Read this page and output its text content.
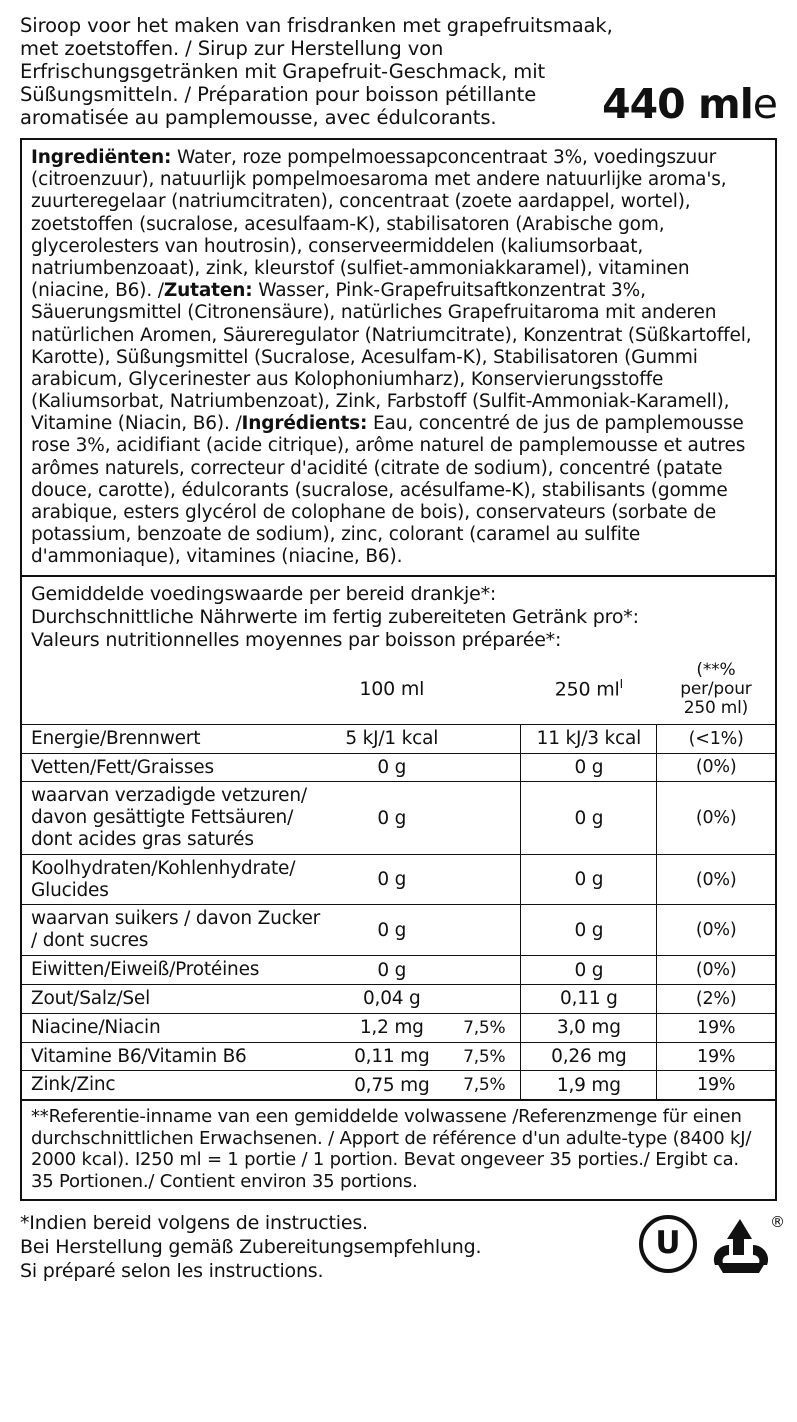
Siroop voor het maken van frisdranken met grapefruitsmaak, met zoetstoffen. / Sirup zur Herstellung von Erfrischungsgetränken mit Grapefruit-Geschmack, mit Süßungsmitteln. / Préparation pour boisson pétillante aromatisée au pamplemousse, avec édulcorants.	440 mle
Ingrediënten: Water, roze pompelmoessapconcentraat 3%, voedingszuur (citroenzuur), natuurlijk pompelmoesaroma met andere natuurlijke aroma's, zuurteregelaar (natriumcitraten), concentraat (zoete aardappel, wortel), zoetstoffen (sucralose, acesulfaam-K), stabilisatoren (Arabische gom, glycerolesters van houtrosin), conserveermiddelen (kaliumsorbaat, natriumbenzoaat), zink, kleurstof (sulfiet-ammoniakkaramel), vitaminen (niacine, B6). /Zutaten: Wasser, Pink-Grapefruitsaftkonzentrat 3%, Säuerungsmittel (Citronensäure), natürliches Grapefruitaroma mit anderen natürlichen Aromen, Säureregulator (Natriumcitrate), Konzentrat (Süßkartoffel, Karotte), Süßungsmittel (Sucralose, Acesulfam-K), Stabilisatoren (Gummi arabicum, Glycerinester aus Kolophoniumharz), Konservierungsstoffe (Kaliumsorbat, Natriumbenzoat), Zink, Farbstoff (Sulfit-Ammoniak-Karamell), Vitamine (Niacin, B6). /Ingrédients: Eau, concentré de jus de pamplemousse rose 3%, acidifiant (acide citrique), arôme naturel de pamplemousse et autres arômes naturels, correcteur d'acidité (citrate de sodium), concentré (patate douce, carotte), édulcorants (sucralose, acésulfame-K), stabilisants (gomme arabique, esters glycérol de colophane de bois), conservateurs (sorbate de potassium, benzoate de sodium), zinc, colorant (caramel au sulfite d'ammoniaque), vitamines (niacine, B6).
Gemiddelde voedingswaarde per bereid drankje*:
Durchschnittliche Nährwerte im fertig zubereiteten Getränk pro*:
Valeurs nutritionnelles moyennes par boisson préparée*:
	100 ml		250 $ml^I$	(**% per/pour
250 ml)

Energie/Brennwert	5 kJ/1 kcal		11 kJ/3 kcal	(<1%)
Vetten/Fett/Graisses	0 g		0 g	(0%)
waarvan verzadigde vetzuren/ davon gesättigte Fettsäuren/ dont acides gras saturés	0 g		0 g	(0%)
Koolhydraten/Kohlenhydrate/ Glucides	0 g		0 g	(0%)
waarvan suikers / davon Zucker / dont sucres	0 g		0 g	(0%)
Eiwitten/Eiweiß/Protéines	0 g		0 g	(0%)
Zout/Salz/Sel	0,04 g		0,11 g	(2%)
Niacine/Niacin	1,2 mg	7,5%	3,0 mg	19%
Vitamine B6/Vitamin B6	0,11 mg	7,5%	0,26 mg	19%
Zink/Zinc	0,75 mg	7,5%	1,9 mg	19%
**Referentie-inname van een gemiddelde volwassene /Referenzmenge für einen durchschnittlichen Erwachsenen. / Apport de référence d'un adulte-type (8400 kJ/ 2000 kcal). I250 ml = 1 portie / 1 portion. Bevat ongeveer 35 porties./ Ergibt ca. 35 Portionen./ Contient environ 35 portions.
*Indien bereid volgens de instructies.
Bei Herstellung gemäß Zubereitungsempfehlung.
Si préparé selon les instructions.
U
®
